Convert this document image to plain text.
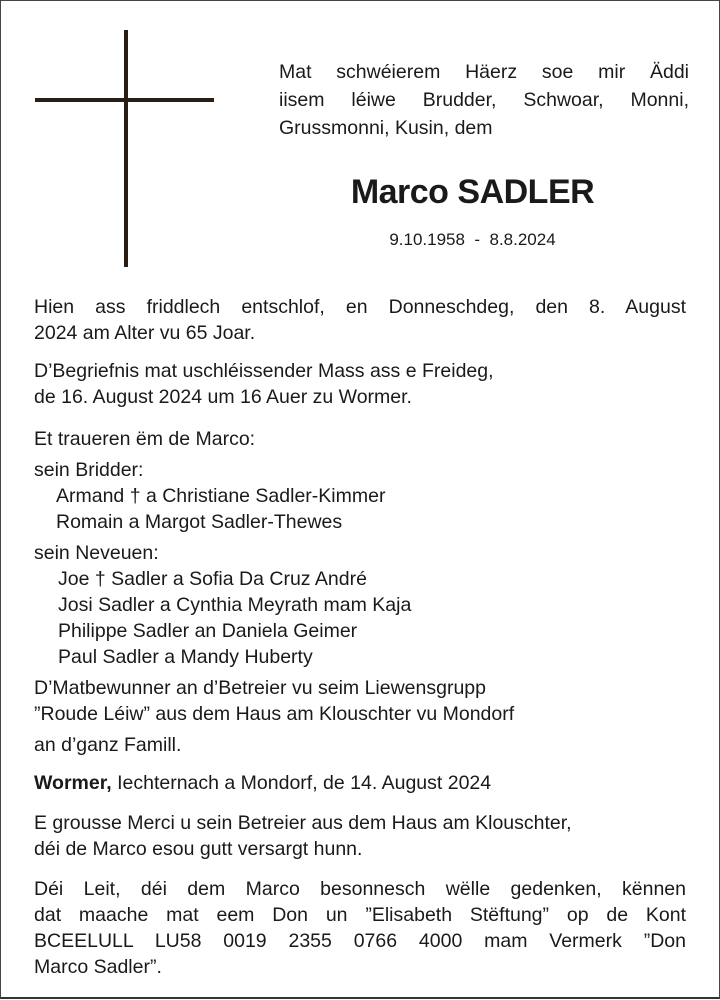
Mat schwéierem Häerz soe mir Äddi
iisem léiwe Brudder, Schwoar, Monni,
Grussmonni, Kusin, dem
Marco SADLER
9.10.1958  -  8.8.2024
Hien ass friddlech entschlof, en Donneschdeg, den 8. August
2024 am Alter vu 65 Joar.
D’Begriefnis mat uschléissender Mass ass e Freideg,
de 16. August 2024 um 16 Auer zu Wormer.
Et traueren ëm de Marco:
sein Bridder:
Armand † a Christiane Sadler-Kimmer
Romain a Margot Sadler-Thewes
sein Neveuen:
Joe † Sadler a Sofia Da Cruz André
Josi Sadler a Cynthia Meyrath mam Kaja
Philippe Sadler an Daniela Geimer
Paul Sadler a Mandy Huberty
D’Matbewunner an d’Betreier vu seim Liewensgrupp
”Roude Léiw” aus dem Haus am Klouschter vu Mondorf
an d’ganz Famill.
Wormer, Iechternach a Mondorf, de 14. August 2024
E grousse Merci u sein Betreier aus dem Haus am Klouschter,
déi de Marco esou gutt versargt hunn.
Déi Leit, déi dem Marco besonnesch wëlle gedenken, kënnen
dat maache mat eem Don un ”Elisabeth Stëftung” op de Kont
BCEELULL LU58 0019 2355 0766 4000 mam Vermerk ”Don
Marco Sadler”.
